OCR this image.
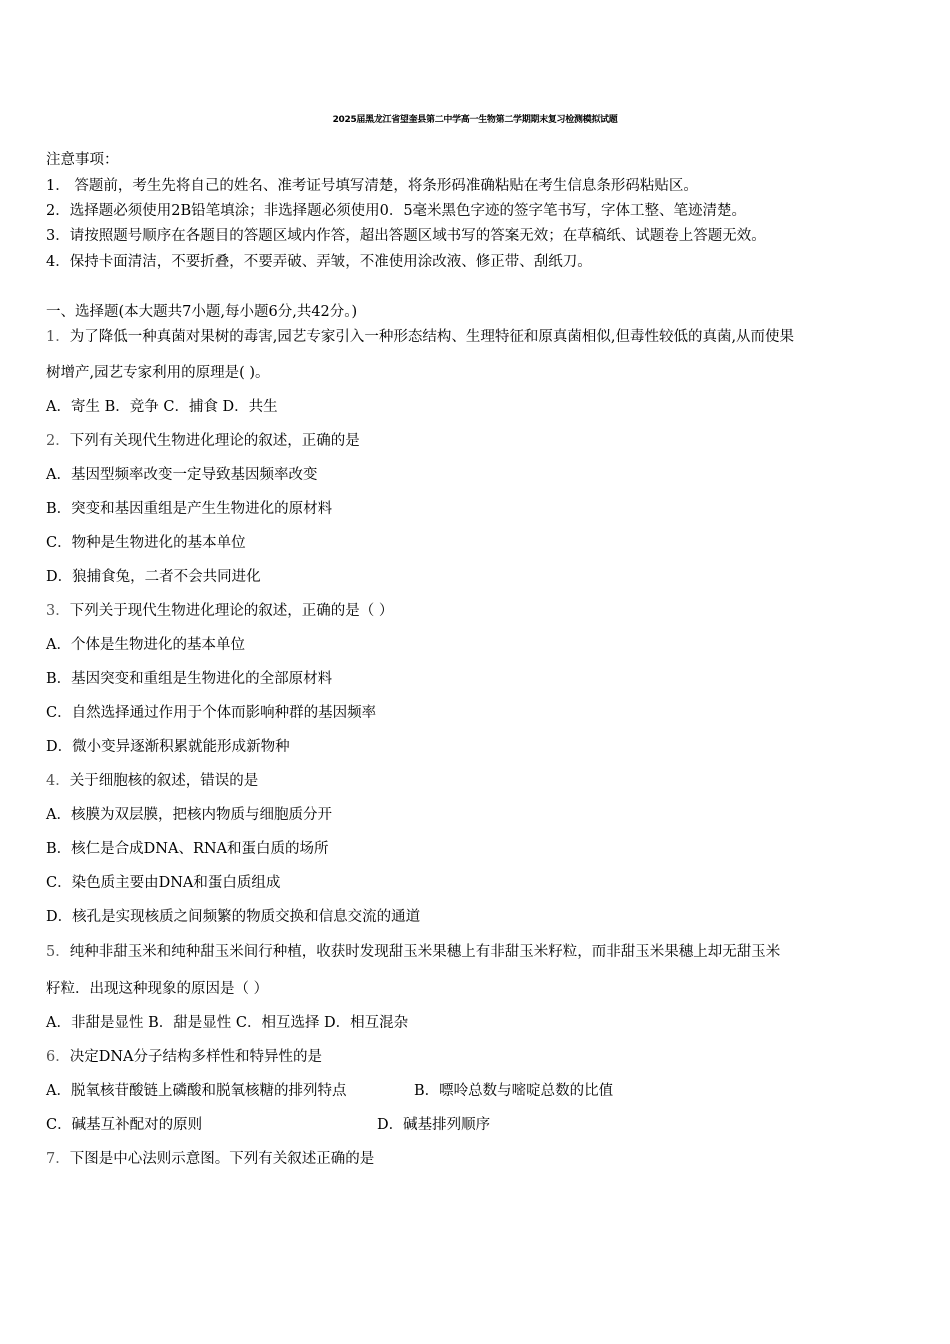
2025届黑龙江省望奎县第二中学高一生物第二学期期末复习检测模拟试题
注意事项：
1． 答题前，考生先将自己的姓名、准考证号填写清楚，将条形码准确粘贴在考生信息条形码粘贴区。
2．选择题必须使用2B铅笔填涂；非选择题必须使用0．5毫米黑色字迹的签字笔书写，字体工整、笔迹清楚。
3．请按照题号顺序在各题目的答题区域内作答，超出答题区域书写的答案无效；在草稿纸、试题卷上答题无效。
4．保持卡面清洁，不要折叠，不要弄破、弄皱，不准使用涂改液、修正带、刮纸刀。
一、选择题(本大题共7小题,每小题6分,共42分。)
1．为了降低一种真菌对果树的毒害,园艺专家引入一种形态结构、生理特征和原真菌相似,但毒性较低的真菌,从而使果
树增产,园艺专家利用的原理是( )。
A．寄生 B．竞争 C．捕食 D．共生
2．下列有关现代生物进化理论的叙述，正确的是
A．基因型频率改变一定导致基因频率改变
B．突变和基因重组是产生生物进化的原材料
C．物种是生物进化的基本单位
D．狼捕食兔，二者不会共同进化
3．下列关于现代生物进化理论的叙述，正确的是（ ）
A．个体是生物进化的基本单位
B．基因突变和重组是生物进化的全部原材料
C．自然选择通过作用于个体而影响种群的基因频率
D．微小变异逐渐积累就能形成新物种
4．关于细胞核的叙述，错误的是
A．核膜为双层膜，把核内物质与细胞质分开
B．核仁是合成DNA、RNA和蛋白质的场所
C．染色质主要由DNA和蛋白质组成
D．核孔是实现核质之间频繁的物质交换和信息交流的通道
5．纯种非甜玉米和纯种甜玉米间行种植，收获时发现甜玉米果穗上有非甜玉米籽粒，而非甜玉米果穗上却无甜玉米
籽粒．出现这种现象的原因是（ ）
A．非甜是显性 B．甜是显性 C．相互选择 D．相互混杂
6．决定DNA分子结构多样性和特异性的是
A．脱氧核苷酸链上磷酸和脱氧核糖的排列特点	B．嘌呤总数与嘧啶总数的比值
C．碱基互补配对的原则	D．碱基排列顺序
7．下图是中心法则示意图。下列有关叙述正确的是
